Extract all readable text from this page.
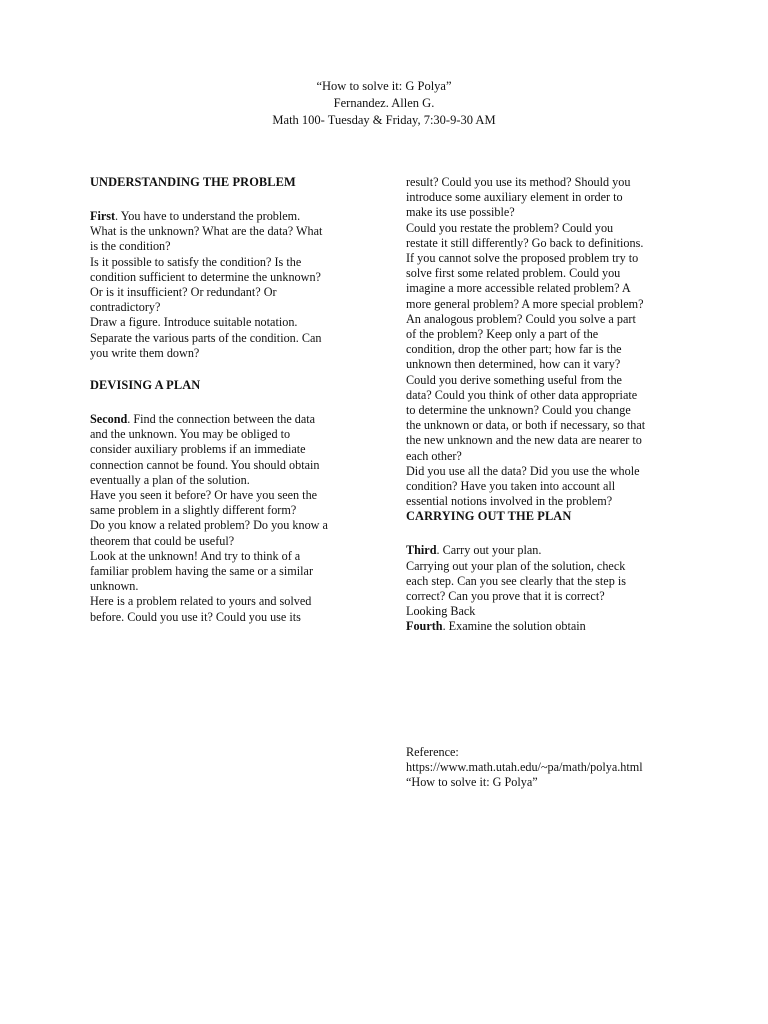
“How to solve it: G Polya”
Fernandez. Allen G.
Math 100- Tuesday & Friday, 7:30-9-30 AM
UNDERSTANDING THE PROBLEM
First. You have to understand the problem.
What is the unknown? What are the data? What
is the condition?
Is it possible to satisfy the condition? Is the
condition sufficient to determine the unknown?
Or is it insufficient? Or redundant? Or
contradictory?
Draw a figure. Introduce suitable notation.
Separate the various parts of the condition. Can
you write them down?
DEVISING A PLAN
Second. Find the connection between the data
and the unknown. You may be obliged to
consider auxiliary problems if an immediate
connection cannot be found. You should obtain
eventually a plan of the solution.
Have you seen it before? Or have you seen the
same problem in a slightly different form?
Do you know a related problem? Do you know a
theorem that could be useful?
Look at the unknown! And try to think of a
familiar problem having the same or a similar
unknown.
Here is a problem related to yours and solved
before. Could you use it? Could you use its
result? Could you use its method? Should you
introduce some auxiliary element in order to
make its use possible?
Could you restate the problem? Could you
restate it still differently? Go back to definitions.
If you cannot solve the proposed problem try to
solve first some related problem. Could you
imagine a more accessible related problem? A
more general problem? A more special problem?
An analogous problem? Could you solve a part
of the problem? Keep only a part of the
condition, drop the other part; how far is the
unknown then determined, how can it vary?
Could you derive something useful from the
data? Could you think of other data appropriate
to determine the unknown? Could you change
the unknown or data, or both if necessary, so that
the new unknown and the new data are nearer to
each other?
Did you use all the data? Did you use the whole
condition? Have you taken into account all
essential notions involved in the problem?
CARRYING OUT THE PLAN
Third. Carry out your plan.
Carrying out your plan of the solution, check
each step. Can you see clearly that the step is
correct? Can you prove that it is correct?
Looking Back
Fourth. Examine the solution obtain
Reference:
https://www.math.utah.edu/~pa/math/polya.html
“How to solve it: G Polya”
